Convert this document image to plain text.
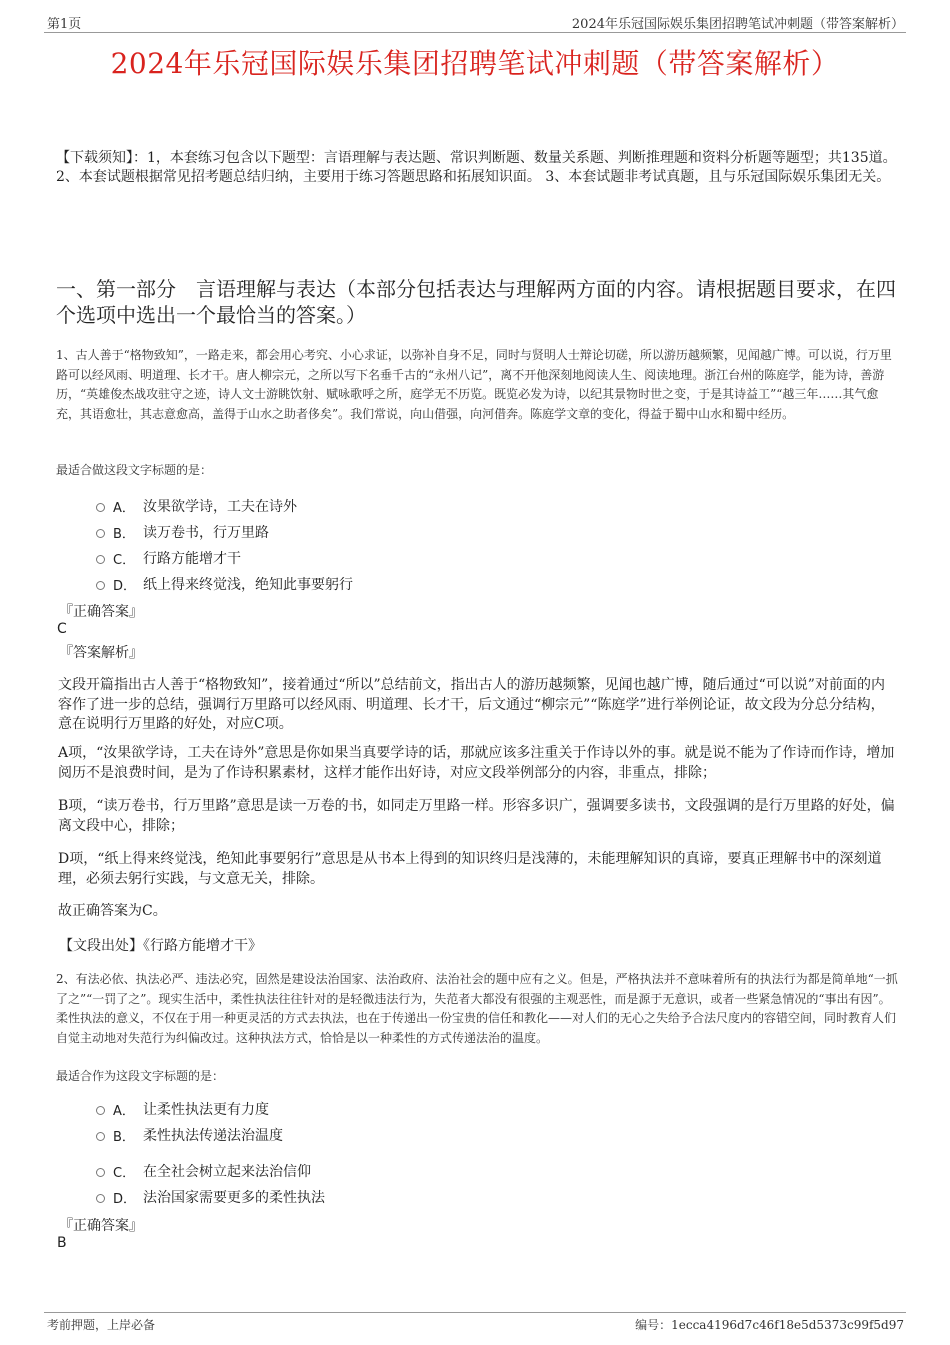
第1页	2024年乐冠国际娱乐集团招聘笔试冲刺题（带答案解析）
2024年乐冠国际娱乐集团招聘笔试冲刺题（带答案解析）
【下载须知】：1，本套练习包含以下题型：言语理解与表达题、常识判断题、数量关系题、判断推理题和资料分析题等题型；共135道。 2、本套试题根据常见招考题总结归纳，主要用于练习答题思路和拓展知识面。 3、本套试题非考试真题，且与乐冠国际娱乐集团无关。
一、第一部分　言语理解与表达（本部分包括表达与理解两方面的内容。请根据题目要求，在四个选项中选出一个最恰当的答案。）
1、古人善于“格物致知”，一路走来，都会用心考究、小心求证，以弥补自身不足，同时与贤明人士辩论切磋，所以游历越频繁，见闻越广博。可以说，行万里路可以经风雨、明道理、长才干。唐人柳宗元，之所以写下名垂千古的“永州八记”，离不开他深刻地阅读人生、阅读地理。浙江台州的陈庭学，能为诗，善游历，“英雄俊杰战攻驻守之迹，诗人文士游眺饮射、赋咏歌呼之所，庭学无不历览。既览必发为诗，以纪其景物时世之变，于是其诗益工”“越三年……其气愈充，其语愈壮，其志意愈高，盖得于山水之助者侈矣”。我们常说，向山借强，向河借奔。陈庭学文章的变化，得益于蜀中山水和蜀中经历。
最适合做这段文字标题的是：
A． 汝果欲学诗，工夫在诗外
B． 读万卷书，行万里路
C． 行路方能增才干
D． 纸上得来终觉浅，绝知此事要躬行
『正确答案』
C
『答案解析』
文段开篇指出古人善于“格物致知”，接着通过“所以”总结前文，指出古人的游历越频繁，见闻也越广博，随后通过“可以说”对前面的内容作了进一步的总结，强调行万里路可以经风雨、明道理、长才干，后文通过“柳宗元”“陈庭学”进行举例论证，故文段为分总分结构，意在说明行万里路的好处，对应C项。
A项，“汝果欲学诗，工夫在诗外”意思是你如果当真要学诗的话，那就应该多注重关于作诗以外的事。就是说不能为了作诗而作诗，增加阅历不是浪费时间，是为了作诗积累素材，这样才能作出好诗，对应文段举例部分的内容，非重点，排除；
B项，“读万卷书，行万里路”意思是读一万卷的书，如同走万里路一样。形容多识广，强调要多读书，文段强调的是行万里路的好处，偏离文段中心，排除；
D项，“纸上得来终觉浅，绝知此事要躬行”意思是从书本上得到的知识终归是浅薄的，未能理解知识的真谛，要真正理解书中的深刻道理，必须去躬行实践，与文意无关，排除。
故正确答案为C。
【文段出处】《行路方能增才干》
2、有法必依、执法必严、违法必究，固然是建设法治国家、法治政府、法治社会的题中应有之义。但是，严格执法并不意味着所有的执法行为都是简单地“一抓了之”“一罚了之”。现实生活中，柔性执法往往针对的是轻微违法行为，失范者大都没有很强的主观恶性，而是源于无意识，或者一些紧急情况的“事出有因”。柔性执法的意义，不仅在于用一种更灵活的方式去执法，也在于传递出一份宝贵的信任和教化——对人们的无心之失给予合法尺度内的容错空间，同时教育人们自觉主动地对失范行为纠偏改过。这种执法方式，恰恰是以一种柔性的方式传递法治的温度。
最适合作为这段文字标题的是：
A． 让柔性执法更有力度
B． 柔性执法传递法治温度
C． 在全社会树立起来法治信仰
D． 法治国家需要更多的柔性执法
『正确答案』
B
考前押题，上岸必备	编号：1ecca4196d7c46f18e5d5373c99f5d97
